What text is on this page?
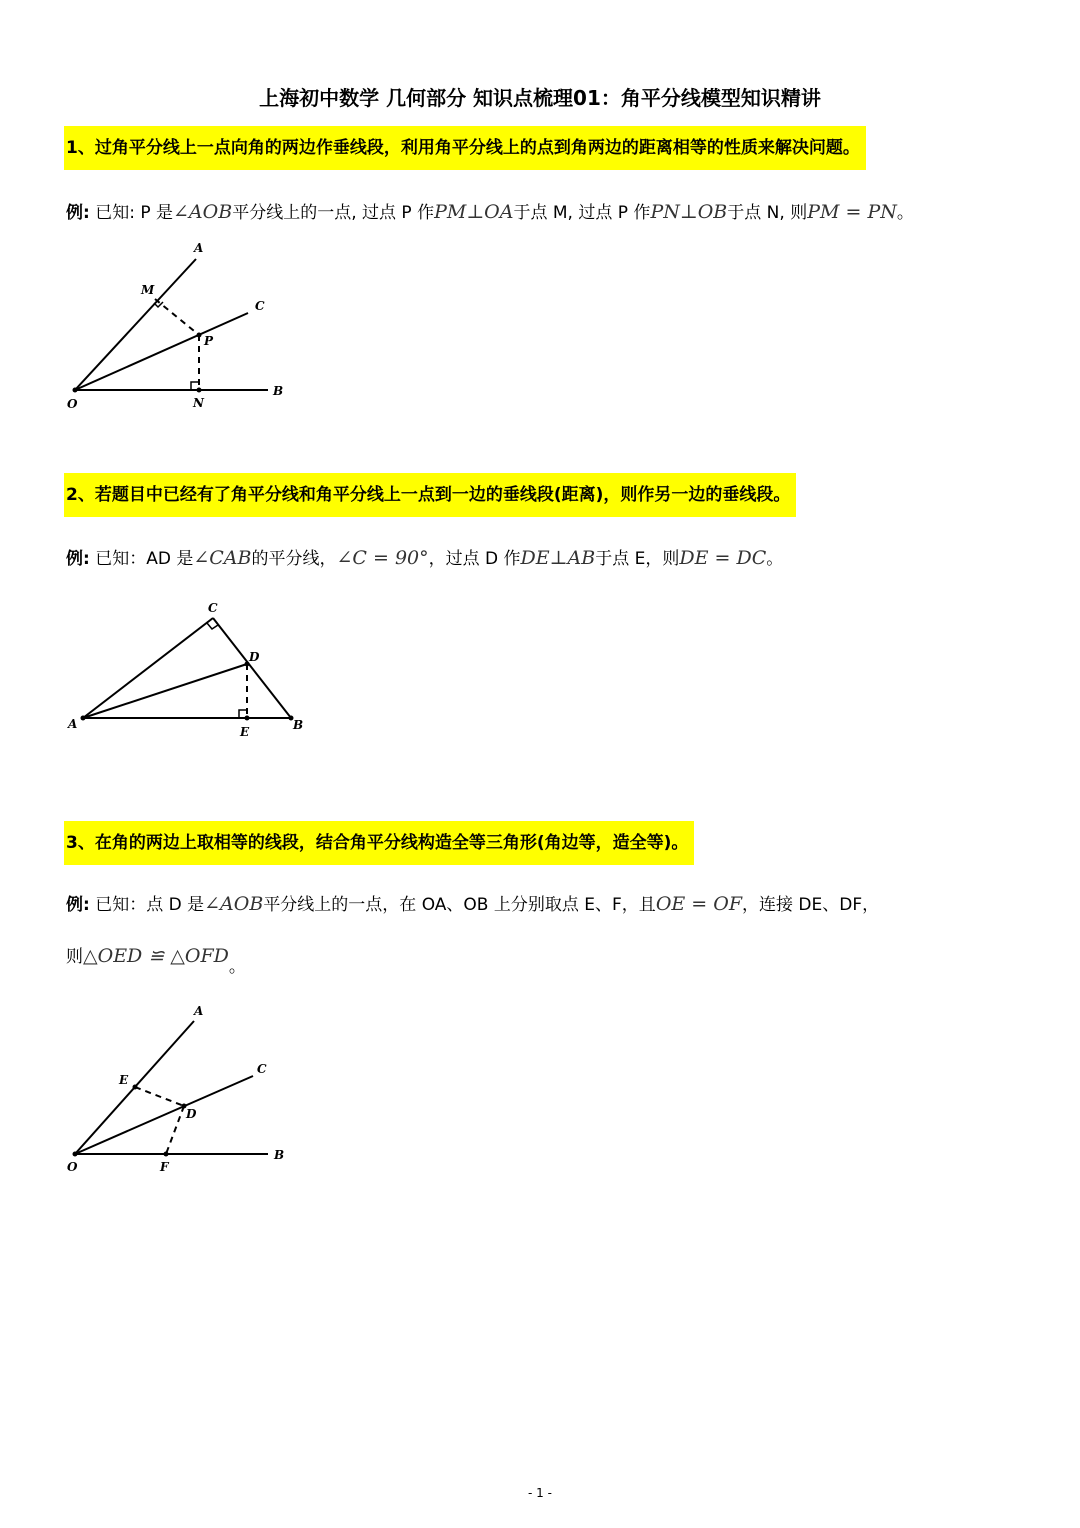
上海初中数学 几何部分 知识点梳理01：角平分线模型知识精讲
1、过角平分线上一点向角的两边作垂线段，利用角平分线上的点到角两边的距离相等的性质来解决问题。
例: 已知: P 是∠AOB平分线上的一点, 过点 P 作PM⊥OA于点 M, 过点 P 作PN⊥OB于点 N, 则PM = PN。
A
M
C
P
O	N
B
2、若题目中已经有了角平分线和角平分线上一点到一边的垂线段(距离)，则作另一边的垂线段。
例: 已知：AD 是∠CAB的平分线，∠C = 90°，过点 D 作DE⊥AB于点 E，则DE = DC。
C
D
A
E	B
3、在角的两边上取相等的线段，结合角平分线构造全等三角形(角边等，造全等)。
例: 已知：点 D 是∠AOB平分线上的一点，在 OA、OB 上分别取点 E、F，且OE = OF，连接 DE、DF，
则△OED ≌ △OFD。
A
C
E
D
O	F
B
- 1 -
